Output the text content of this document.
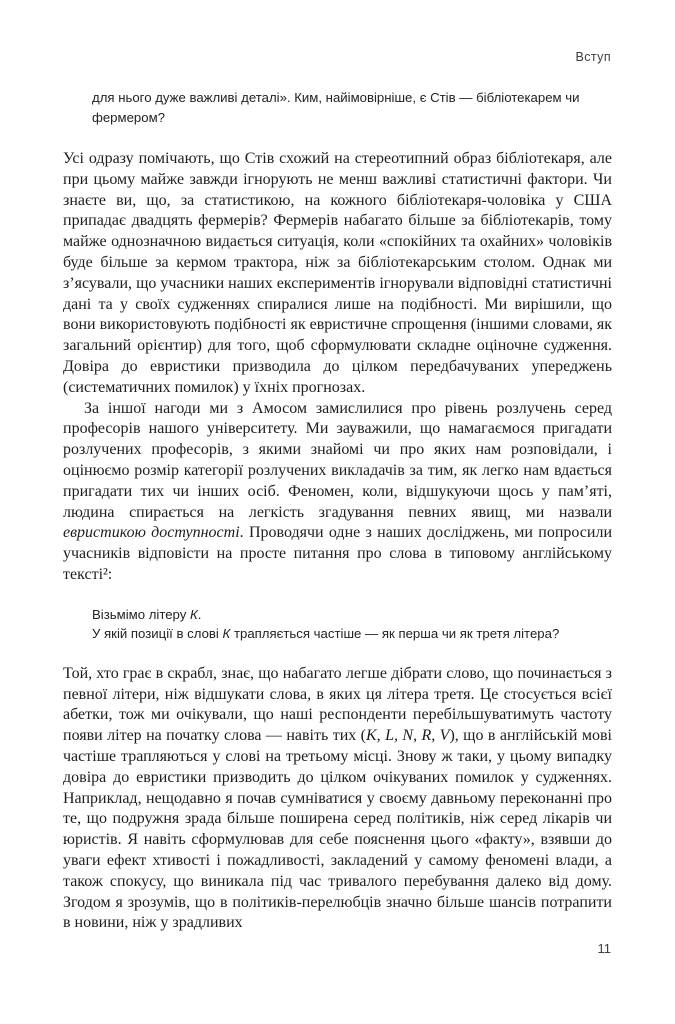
Вступ
для нього дуже важливі деталі». Ким, найімовірніше, є Стів — бібліотекарем чи фермером?

Усі одразу помічають, що Стів схожий на стереотипний образ бібліотекаря, але при цьому майже завжди ігнорують не менш важливі статистичні фактори. Чи знаєте ви, що, за статистикою, на кожного бібліотекаря-чоловіка у США припадає двадцять фермерів? Фермерів набагато більше за бібліотекарів, тому майже однозначною видається ситуація, коли «спокійних та охайних» чоловіків буде більше за кермом трактора, ніж за бібліотекарським столом. Однак ми з’ясували, що учасники наших експериментів ігнорували відповідні статистичні дані та у своїх судженнях спиралися лише на подібності. Ми вирішили, що вони використовують подібності як евристичне спрощення (іншими словами, як загальний орієнтир) для того, щоб сформулювати складне оціночне судження. Довіра до евристики призводила до цілком передбачуваних упереджень (систематичних помилок) у їхніх прогнозах.

За іншої нагоди ми з Амосом замислилися про рівень розлучень серед професорів нашого університету. Ми зауважили, що намагаємося пригадати розлучених професорів, з якими знайомі чи про яких нам розповідали, і оцінюємо розмір категорії розлучених викладачів за тим, як легко нам вдається пригадати тих чи інших осіб. Феномен, коли, відшукуючи щось у пам’яті, людина спирається на легкість згадування певних явищ, ми назвали евристикою доступності. Проводячи одне з наших досліджень, ми попросили учасників відповісти на просте питання про слова в типовому англійському тексті²:

Візьмімо літеру К.
У якій позиції в слові К трапляється частіше — як перша чи як третя літера?

Той, хто грає в скрабл, знає, що набагато легше дібрати слово, що починається з певної літери, ніж відшукати слова, в яких ця літера третя. Це стосується всієї абетки, тож ми очікували, що наші респонденти перебільшуватимуть частоту появи літер на початку слова — навіть тих (K, L, N, R, V), що в англійській мові частіше трапляються у слові на третьому місці. Знову ж таки, у цьому випадку довіра до евристики призводить до цілком очікуваних помилок у судженнях. Наприклад, нещодавно я почав сумніватися у своєму давньому переконанні про те, що подружня зрада більше поширена серед політиків, ніж серед лікарів чи юристів. Я навіть сформулював для себе пояснення цього «факту», взявши до уваги ефект хтивості і пожадливості, закладений у самому феномені влади, а також спокусу, що виникала під час тривалого перебування далеко від дому. Згодом я зрозумів, що в політиків-перелюбців значно більше шансів потрапити в новини, ніж у зрадливих

11
